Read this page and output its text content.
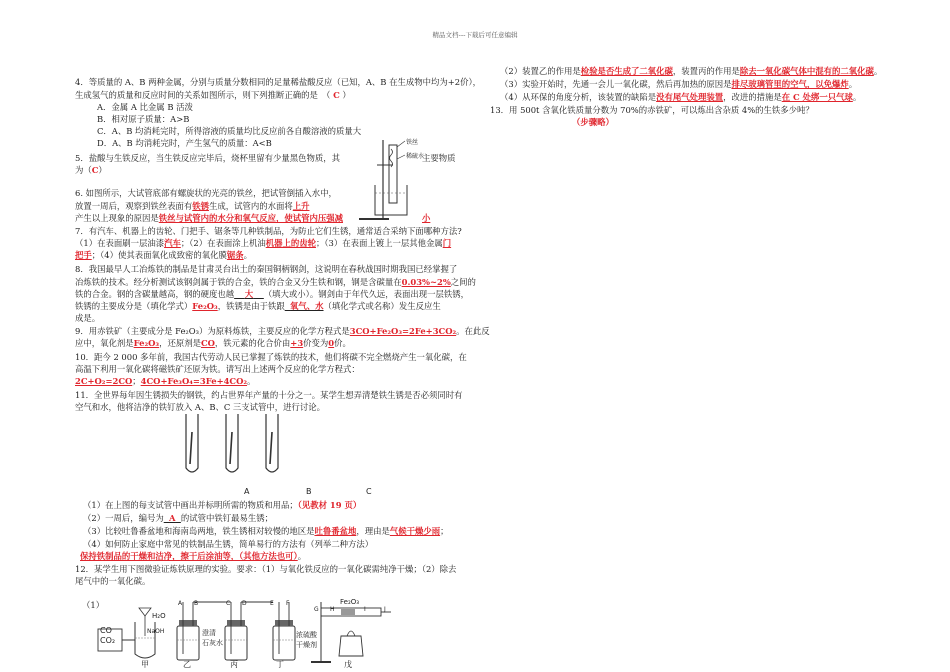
精品文档---下载后可任意编辑
4．等质量的 A、B 两种金属，分别与质量分数相同的足量稀盐酸反应（已知，A、B 在生成物中均为+2价），
生成氢气的质量和反应时间的关系如图所示，则下列推断正确的是　（ C ）
A．金属 A 比金属 B 活泼
B．相对原子质量：A>B
C．A、B 均消耗完时，所得溶液的质量均比反应前各自酸溶液的质量大
D．A、B 均消耗完时，产生氢气的质量：A<B
5．盐酸与生铁反应，当生铁反应完毕后，烧杯里留有少量黑色物质，其	主要物质
为（C）
铁丝
稀硫水
6. 如图所示，大试管底部有螺旋状的光亮的铁丝，把试管倒插入水中，
放置一周后，观察到铁丝表面有铁锈生成，试管内的水面将上升
产生以上现象的原因是铁丝与试管内的水分和氧气反应，使试管内压强减	小
7．有汽车、机器上的齿轮、门把手、锯条等几种铁制品，为防止它们生锈，通常适合采纳下面哪种方法?
（1）在表面刷一层油漆汽车；（2）在表面涂上机油机器上的齿轮；（3）在表面上镀上一层其他金属门
把手；（4）使其表面氧化成致密的氧化膜锯条。
8．我国最早人工冶炼铁的制品是甘肃灵台出土的秦国铜柄钢剑，这说明在春秋战国时期我国已经掌握了
冶炼铁的技术。经分析测试该钢剑属于铁的合金，铁的合金又分生铁和钢，钢是含碳量在0.03%~2%之间的
铁的合金。钢的含碳量越高，钢的硬度也越 大 （填大或小）。钢剑由于年代久远，表面出现一层铁锈，
铁锈的主要成分是（填化学式）Fe₂O₃，铁锈是由于铁跟 氧气、水（填化学式或名称）发生反应生
成是。
9．用赤铁矿（主要成分是 Fe₂O₃）为原料炼铁，主要反应的化学方程式是3CO+Fe₂O₃=2Fe+3CO₂。在此反
应中，氧化剂是Fe₂O₃，还原剂是CO，铁元素的化合价由+3价变为0价。
10．距今 2 000 多年前，我国古代劳动人民已掌握了炼铁的技术，他们将碳不完全燃烧产生一氧化碳，在
高温下利用一氧化碳将磁铁矿还原为铁。请写出上述两个反应的化学方程式：
2C+O₂=2CO；4CO+Fe₃O₄=3Fe+4CO₂。
11．全世界每年因生锈损失的钢铁，约占世界年产量的十分之一。某学生想弄清楚铁生锈是否必须同时有
空气和水，他将洁净的铁钉放入 A、B、C 三支试管中，进行讨论。
A	B	C
（1）在上图的每支试管中画出并标明所需的物质和用品；（见教材 19 页）
（2）一周后，编号为 A 的试管中铁钉最易生锈；
（3）比较吐鲁番盆地和海南岛两地，铁生锈相对较慢的地区是吐鲁番盆地，理由是气候干燥少雨；
（4）如何防止家庭中常见的铁制品生锈，简单易行的方法有（列举二种方法）
保持铁制品的干燥和洁净，擦干后涂油等，（其他方法也可）。
12．某学生用下图微验证炼铁原理的实验。要求：（1）与氧化铁反应的一氧化碳需纯净干燥；（2）除去
尾气中的一氧化碳。
（1）
CO
CO₂
H₂O
NaOH
甲	乙	丙	丁	戊
澄清
石灰水
浓硫酸
干燥剂
Fe₂O₃
A B	C D	E F
G H	I	J
（2）装置乙的作用是检验是否生成了二氧化碳，装置丙的作用是除去一氧化碳气体中混有的二氧化碳。
（3）实验开始时，先通一会儿一氧化碳，然后再加热的原因是排尽玻璃管里的空气，以免爆炸。
（4）从环保的角度分析，该装置的缺陷是没有尾气处理装置，改进的措施是在 C 处绑一只气球。
13．用 500t 含氧化铁质量分数为 70%的赤铁矿，可以炼出含杂质 4%的生铁多少吨？
（步骤略）
